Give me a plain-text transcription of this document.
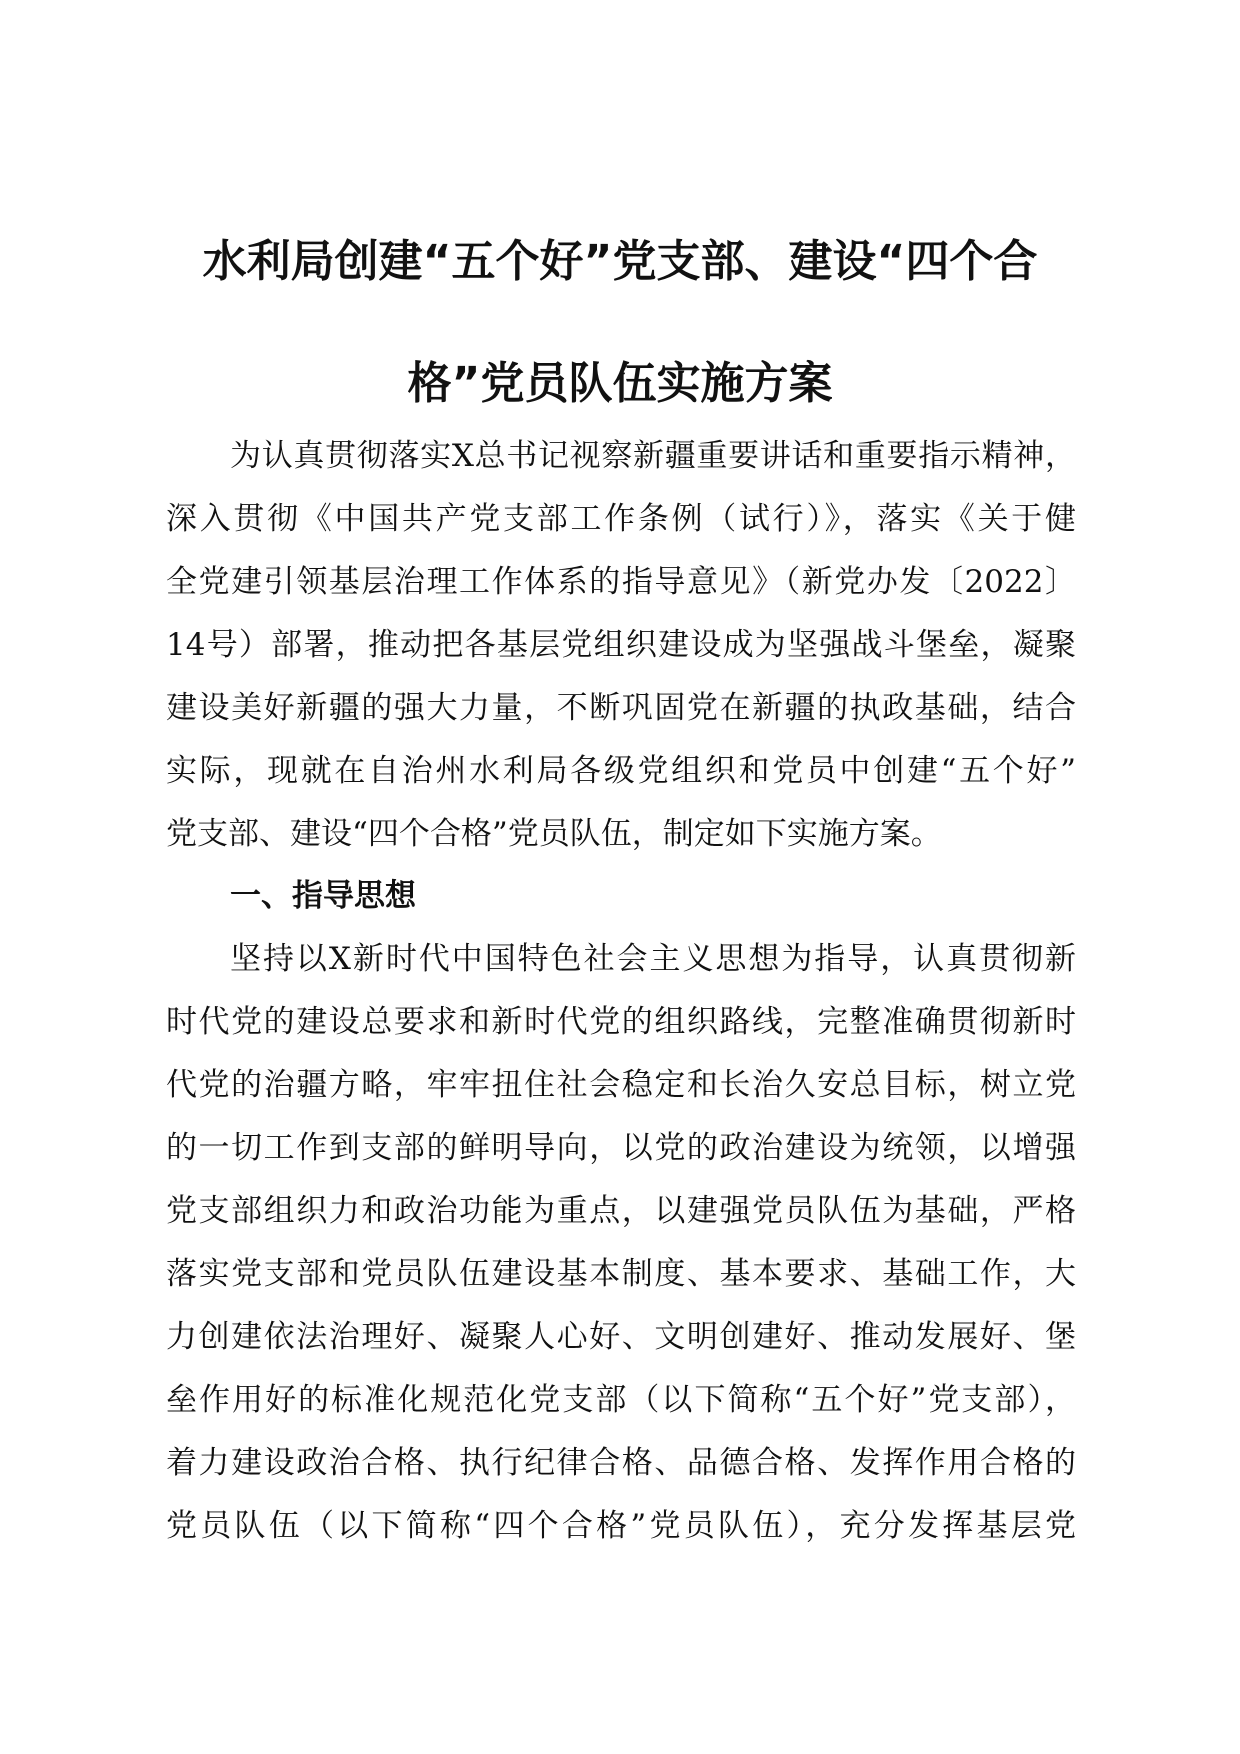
水利局创建“五个好”党支部、建设“四个合
格”党员队伍实施方案
为认真贯彻落实X总书记视察新疆重要讲话和重要指示精神，
深入贯彻《中国共产党支部工作条例（试行）》，落实《关于健
全党建引领基层治理工作体系的指导意见》（新党办发〔2022〕
14号）部署，推动把各基层党组织建设成为坚强战斗堡垒，凝聚
建设美好新疆的强大力量，不断巩固党在新疆的执政基础，结合
实际，现就在自治州水利局各级党组织和党员中创建“五个好”
党支部、建设“四个合格”党员队伍，制定如下实施方案。
一、指导思想
坚持以X新时代中国特色社会主义思想为指导，认真贯彻新
时代党的建设总要求和新时代党的组织路线，完整准确贯彻新时
代党的治疆方略，牢牢扭住社会稳定和长治久安总目标，树立党
的一切工作到支部的鲜明导向，以党的政治建设为统领，以增强
党支部组织力和政治功能为重点，以建强党员队伍为基础，严格
落实党支部和党员队伍建设基本制度、基本要求、基础工作，大
力创建依法治理好、凝聚人心好、文明创建好、推动发展好、堡
垒作用好的标准化规范化党支部（以下简称“五个好”党支部），
着力建设政治合格、执行纪律合格、品德合格、发挥作用合格的
党员队伍（以下简称“四个合格”党员队伍），充分发挥基层党
